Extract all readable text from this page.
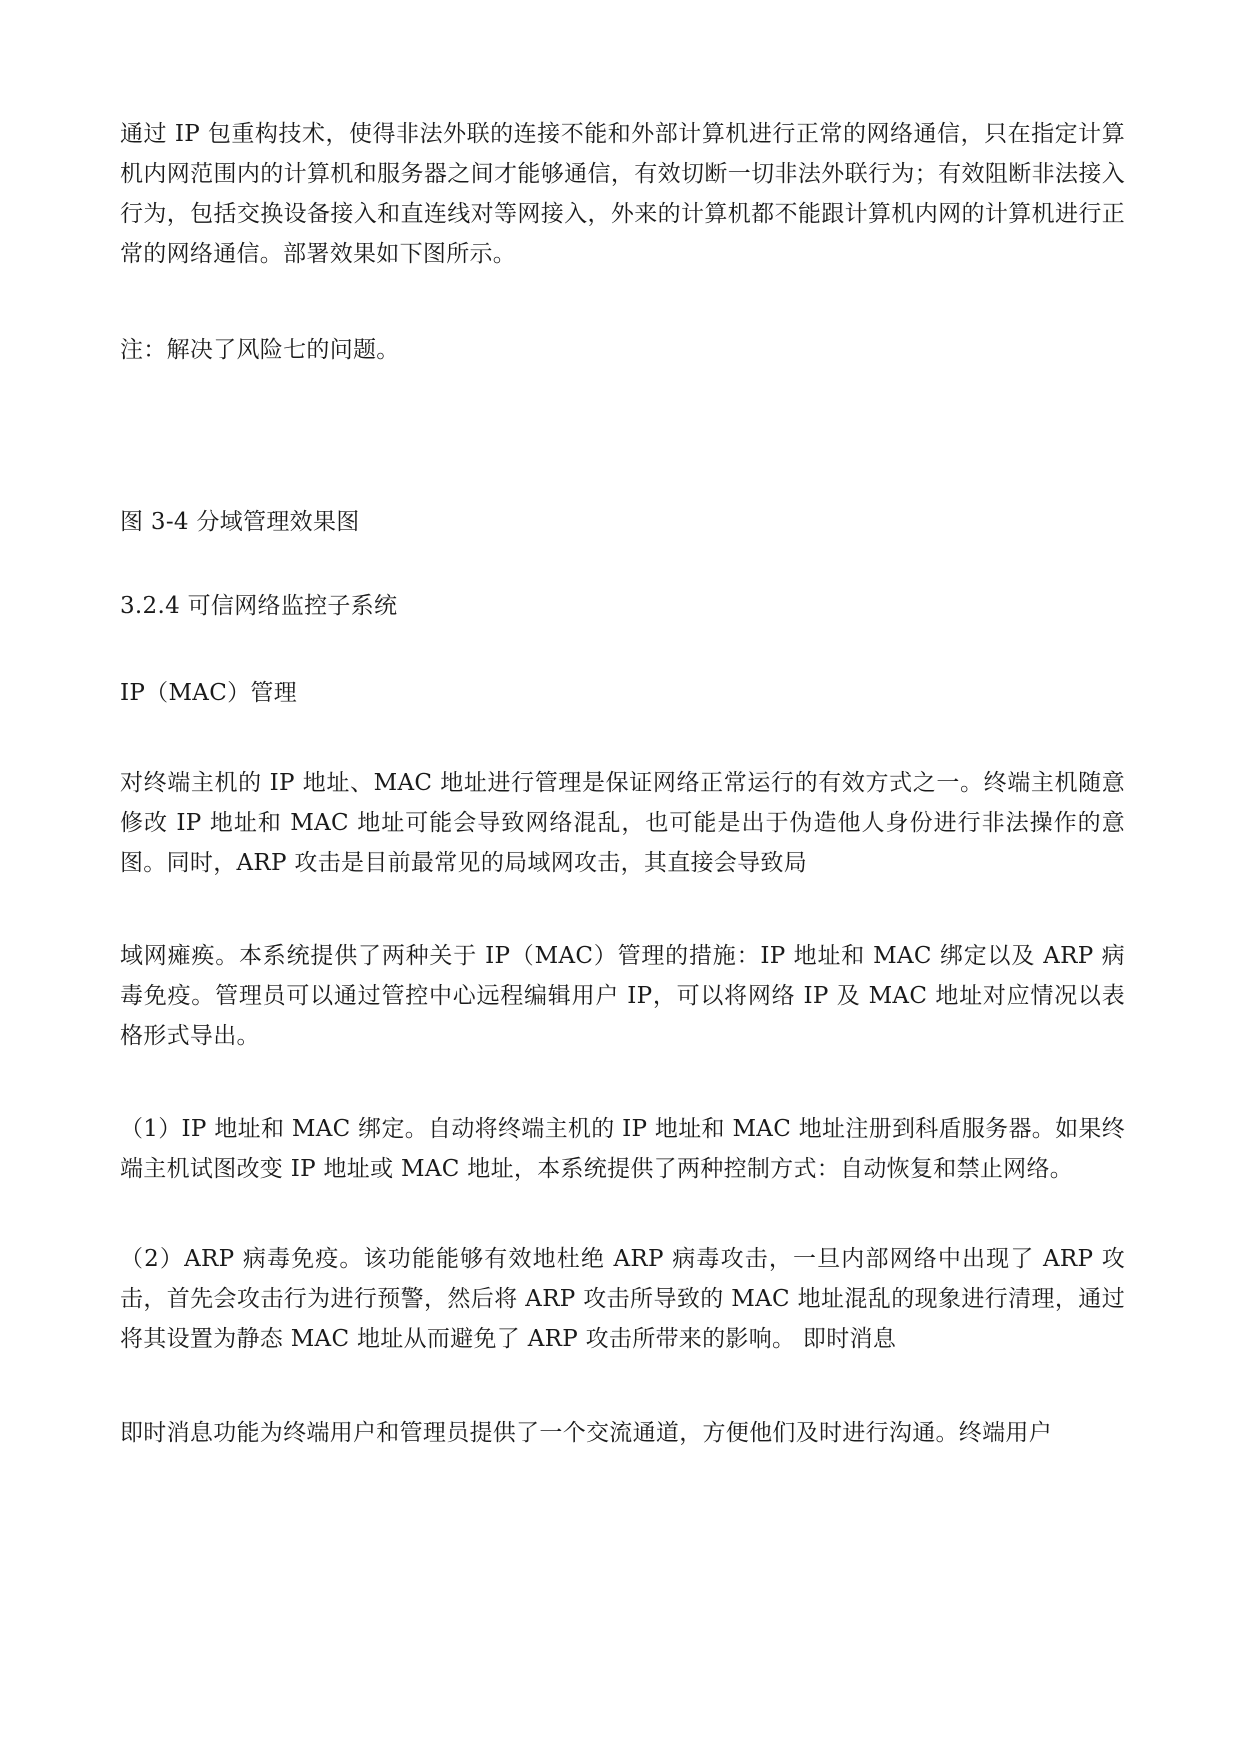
通过 IP 包重构技术，使得非法外联的连接不能和外部计算机进行正常的网络通信，只在指定计算机内网范围内的计算机和服务器之间才能够通信，有效切断一切非法外联行为；有效阻断非法接入行为，包括交换设备接入和直连线对等网接入，外来的计算机都不能跟计算机内网的计算机进行正常的网络通信。部署效果如下图所示。

注：解决了风险七的问题。

图 3-4 分域管理效果图

3.2.4 可信网络监控子系统

IP（MAC）管理

对终端主机的 IP 地址、MAC 地址进行管理是保证网络正常运行的有效方式之一。终端主机随意修改 IP 地址和 MAC 地址可能会导致网络混乱，也可能是出于伪造他人身份进行非法操作的意图。同时，ARP 攻击是目前最常见的局域网攻击，其直接会导致局

域网瘫痪。本系统提供了两种关于 IP（MAC）管理的措施：IP 地址和 MAC 绑定以及 ARP 病毒免疫。管理员可以通过管控中心远程编辑用户 IP，可以将网络 IP 及 MAC 地址对应情况以表格形式导出。

（1）IP 地址和 MAC 绑定。自动将终端主机的 IP 地址和 MAC 地址注册到科盾服务器。如果终端主机试图改变 IP 地址或 MAC 地址，本系统提供了两种控制方式：自动恢复和禁止网络。

（2）ARP 病毒免疫。该功能能够有效地杜绝 ARP 病毒攻击，一旦内部网络中出现了 ARP 攻击，首先会攻击行为进行预警，然后将 ARP 攻击所导致的 MAC 地址混乱的现象进行清理，通过将其设置为静态 MAC 地址从而避免了 ARP 攻击所带来的影响。 即时消息

即时消息功能为终端用户和管理员提供了一个交流通道，方便他们及时进行沟通。终端用户
